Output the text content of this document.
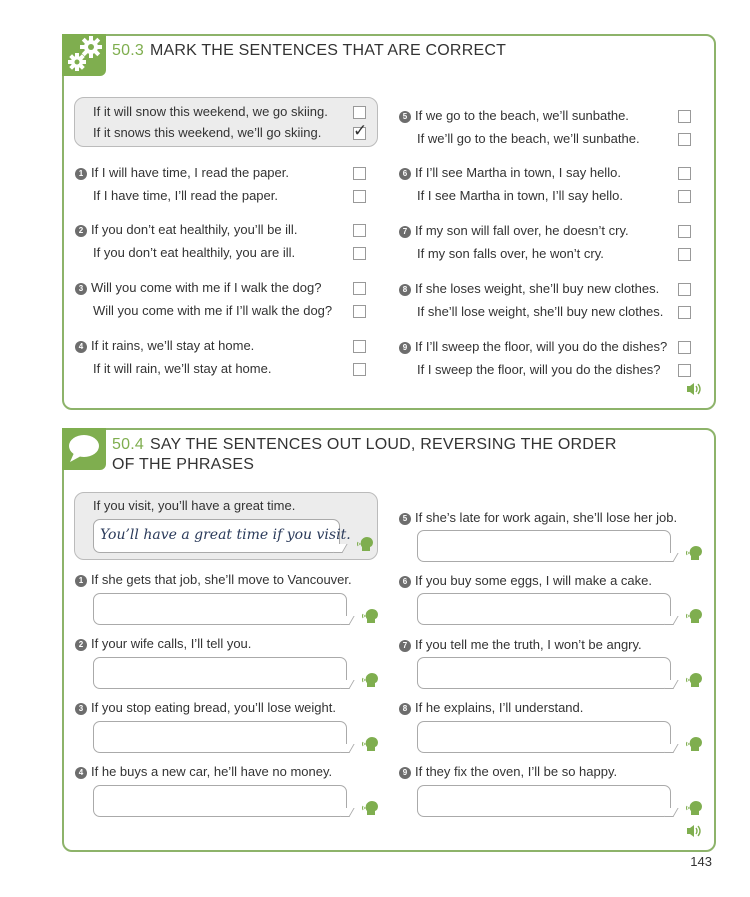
50.3 MARK THE SENTENCES THAT ARE CORRECT
If it will snow this weekend, we go skiing.
If it snows this weekend, we’ll go skiing. ✓
1 If I will have time, I read the paper.
If I have time, I’ll read the paper.
2 If you don’t eat healthily, you’ll be ill.
If you don’t eat healthily, you are ill.
3 Will you come with me if I walk the dog?
Will you come with me if I’ll walk the dog?
4 If it rains, we’ll stay at home.
If it will rain, we’ll stay at home.
5 If we go to the beach, we’ll sunbathe.
If we’ll go to the beach, we’ll sunbathe.
6 If I’ll see Martha in town, I say hello.
If I see Martha in town, I’ll say hello.
7 If my son will fall over, he doesn’t cry.
If my son falls over, he won’t cry.
8 If she loses weight, she’ll buy new clothes.
If she’ll lose weight, she’ll buy new clothes.
9 If I’ll sweep the floor, will you do the dishes?
If I sweep the floor, will you do the dishes?
50.4 SAY THE SENTENCES OUT LOUD, REVERSING THE ORDER
OF THE PHRASES
If you visit, you’ll have a great time.
You’ll have a great time if you visit.
1 If she gets that job, she’ll move to Vancouver.
2 If your wife calls, I’ll tell you.
3 If you stop eating bread, you’ll lose weight.
4 If he buys a new car, he’ll have no money.
5 If she’s late for work again, she’ll lose her job.
6 If you buy some eggs, I will make a cake.
7 If you tell me the truth, I won’t be angry.
8 If he explains, I’ll understand.
9 If they fix the oven, I’ll be so happy.
143
